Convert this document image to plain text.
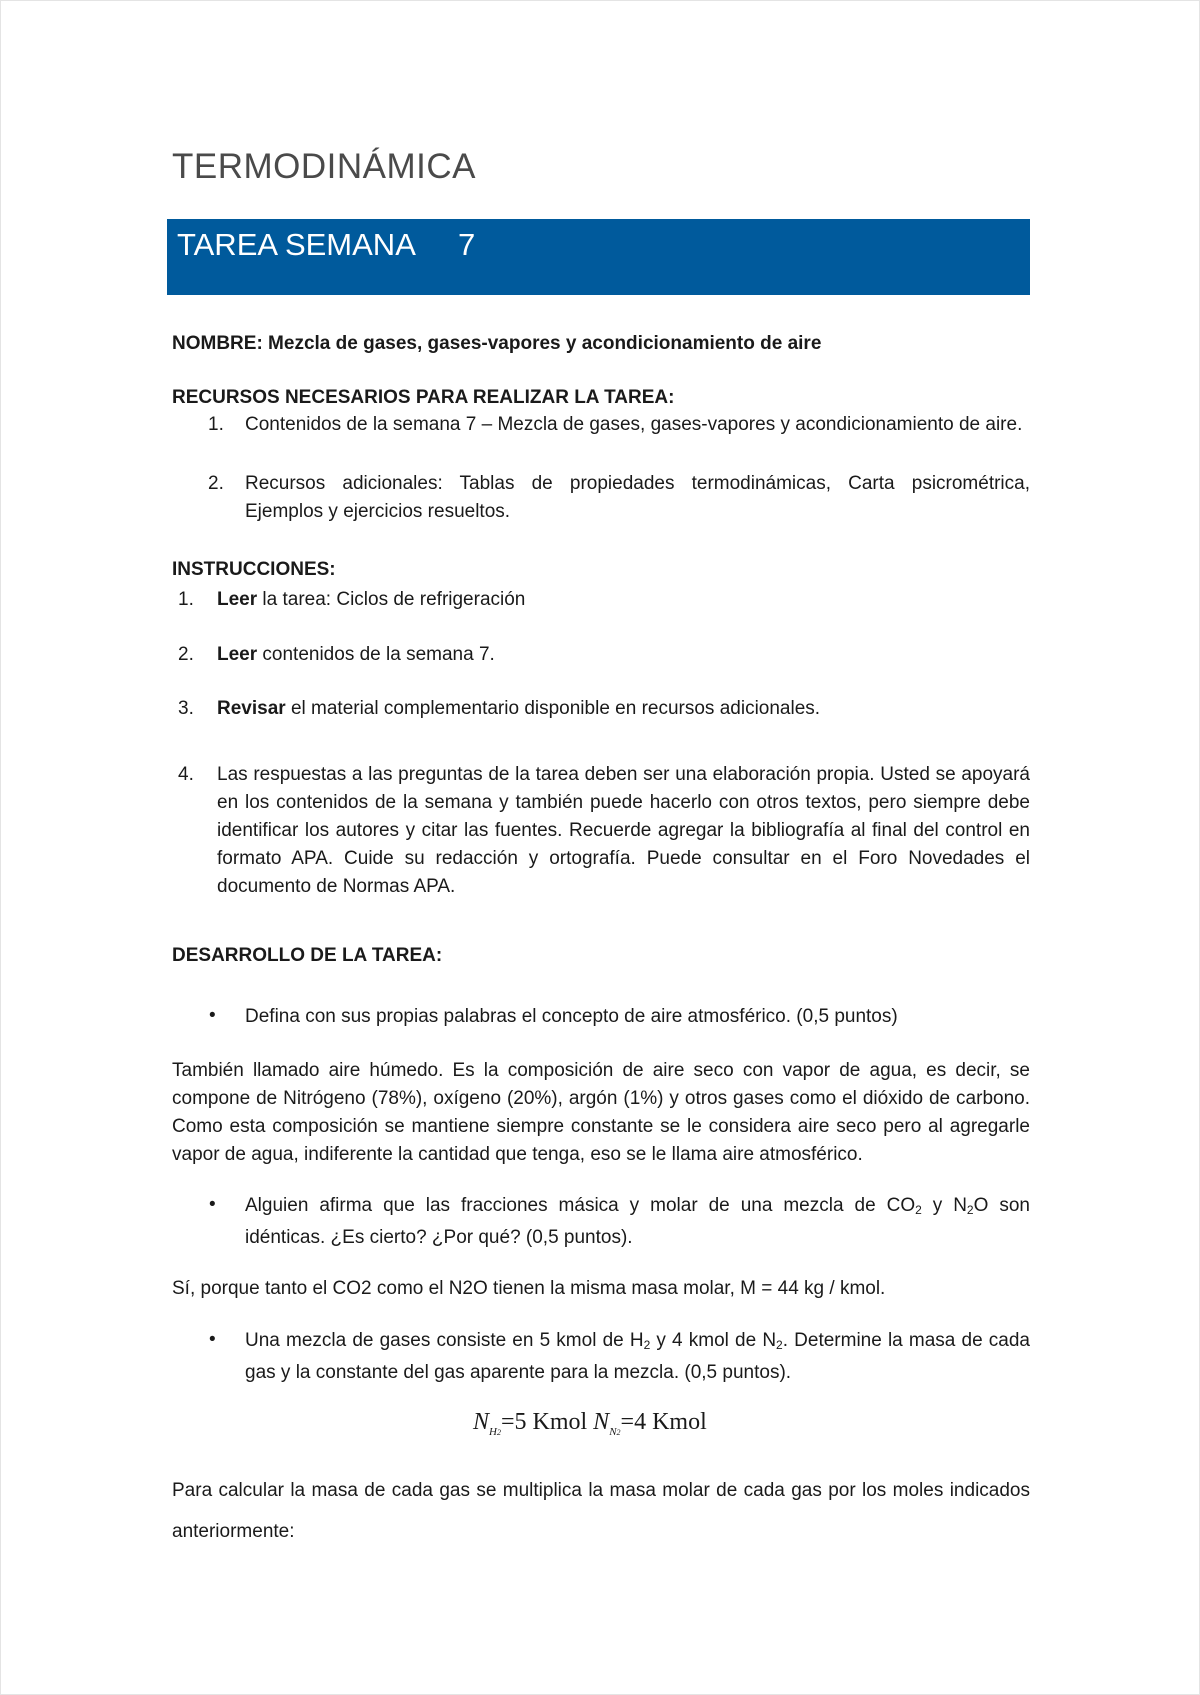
TERMODINÁMICA
TAREA SEMANA 7
NOMBRE: Mezcla de gases, gases-vapores y acondicionamiento de aire
RECURSOS NECESARIOS PARA REALIZAR LA TAREA:
1. Contenidos de la semana 7 – Mezcla de gases, gases-vapores y acondicionamiento de aire.
2. Recursos adicionales: Tablas de propiedades termodinámicas, Carta psicrométrica, Ejemplos y ejercicios resueltos.
INSTRUCCIONES:
1. Leer la tarea: Ciclos de refrigeración
2. Leer contenidos de la semana 7.
3. Revisar el material complementario disponible en recursos adicionales.
4. Las respuestas a las preguntas de la tarea deben ser una elaboración propia. Usted se apoyará en los contenidos de la semana y también puede hacerlo con otros textos, pero siempre debe identificar los autores y citar las fuentes. Recuerde agregar la bibliografía al final del control en formato APA. Cuide su redacción y ortografía. Puede consultar en el Foro Novedades el documento de Normas APA.
DESARROLLO DE LA TAREA:
• Defina con sus propias palabras el concepto de aire atmosférico. (0,5 puntos)
También llamado aire húmedo. Es la composición de aire seco con vapor de agua, es decir, se compone de Nitrógeno (78%), oxígeno (20%), argón (1%) y otros gases como el dióxido de carbono. Como esta composición se mantiene siempre constante se le considera aire seco pero al agregarle vapor de agua, indiferente la cantidad que tenga, eso se le llama aire atmosférico.
• Alguien afirma que las fracciones másica y molar de una mezcla de $CO_2$ y $N_2O$ son idénticas. ¿Es cierto? ¿Por qué? (0,5 puntos).
Sí, porque tanto el CO2 como el N2O tienen la misma masa molar, M = 44 kg / kmol.
• Una mezcla de gases consiste en 5 kmol de $H_2$ y 4 kmol de $N_2$. Determine la masa de cada gas y la constante del gas aparente para la mezcla. (0,5 puntos).
$N_{H2}=5$ Kmol $N_{N2}=4$ Kmol
Para calcular la masa de cada gas se multiplica la masa molar de cada gas por los moles indicados anteriormente:
